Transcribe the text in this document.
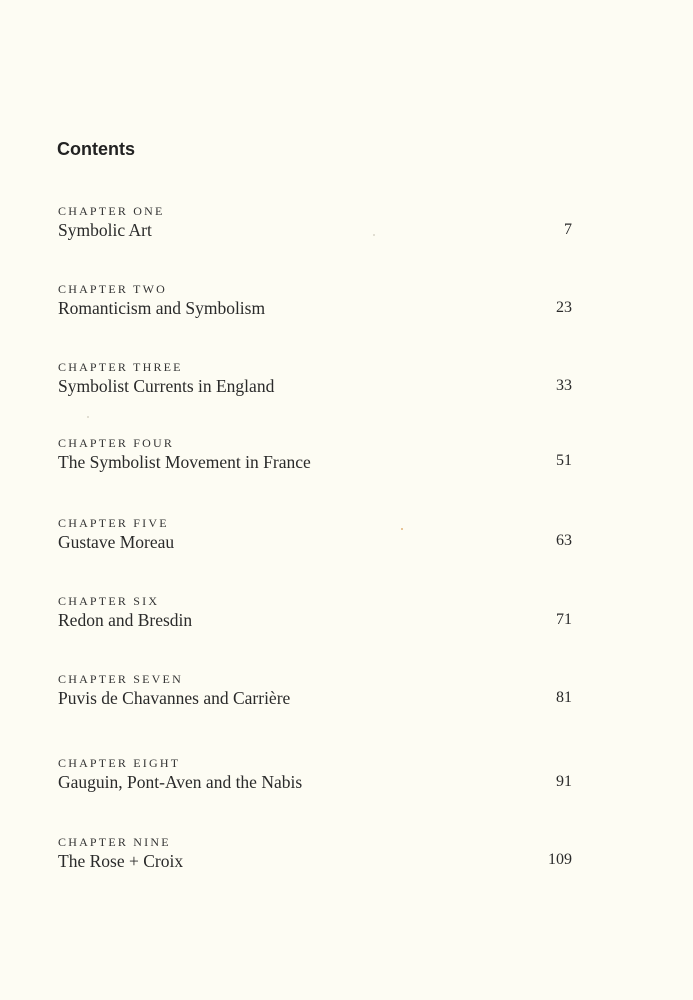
Contents
CHAPTER ONE
Symbolic Art	7
CHAPTER TWO
Romanticism and Symbolism	23
CHAPTER THREE
Symbolist Currents in England	33
CHAPTER FOUR
The Symbolist Movement in France	51
CHAPTER FIVE
Gustave Moreau	63
CHAPTER SIX
Redon and Bresdin	71
CHAPTER SEVEN
Puvis de Chavannes and Carrière	81
CHAPTER EIGHT
Gauguin, Pont-Aven and the Nabis	91
CHAPTER NINE
The Rose + Croix	109
